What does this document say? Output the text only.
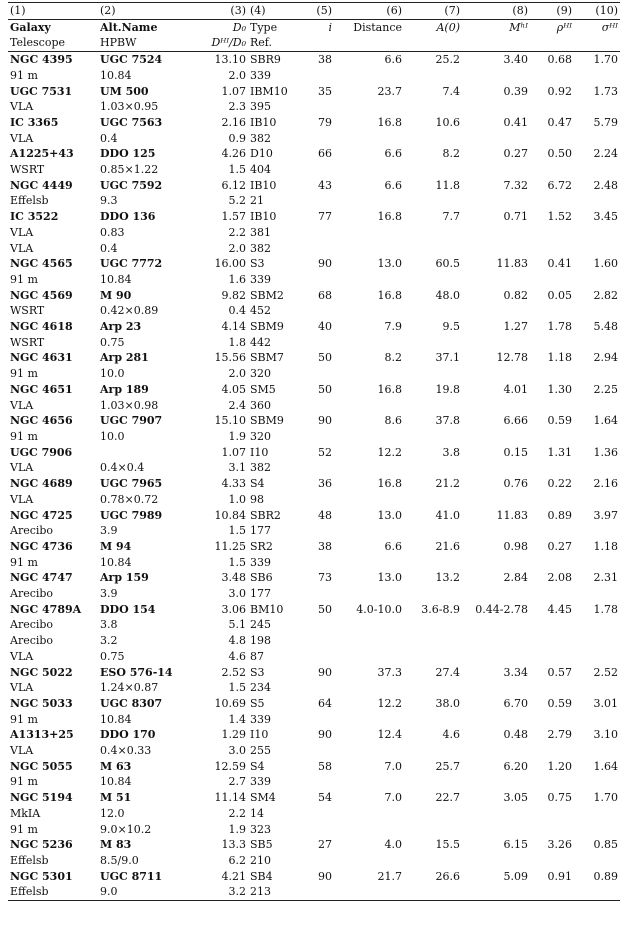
(1)	(2)	(3)	(4)	(5)	(6)	(7)	(8)	(9)	(10)
Galaxy	Alt.Name	D₀	Type	i	Distance	A(0)	Mʰᴵ	ρᴴᴵ	σᴴᴵ
Telescope	HPBW	Dᴴᴵ/D₀	Ref.						
NGC 4395	UGC 7524	13.10	SBR9	38	6.6	25.2	3.40	0.68	1.70
91 m	10.84	2.0	339						
UGC 7531	UM 500	1.07	IBM10	35	23.7	7.4	0.39	0.92	1.73
VLA	1.03×0.95	2.3	395						
IC 3365	UGC 7563	2.16	IB10	79	16.8	10.6	0.41	0.47	5.79
VLA	0.4	0.9	382						
A1225+43	DDO 125	4.26	D10	66	6.6	8.2	0.27	0.50	2.24
WSRT	0.85×1.22	1.5	404						
NGC 4449	UGC 7592	6.12	IB10	43	6.6	11.8	7.32	6.72	2.48
Effelsb	9.3	5.2	21						
IC 3522	DDO 136	1.57	IB10	77	16.8	7.7	0.71	1.52	3.45
VLA	0.83	2.2	381						
VLA	0.4	2.0	382						
NGC 4565	UGC 7772	16.00	S3	90	13.0	60.5	11.83	0.41	1.60
91 m	10.84	1.6	339						
NGC 4569	M 90	9.82	SBM2	68	16.8	48.0	0.82	0.05	2.82
WSRT	0.42×0.89	0.4	452						
NGC 4618	Arp 23	4.14	SBM9	40	7.9	9.5	1.27	1.78	5.48
WSRT	0.75	1.8	442						
NGC 4631	Arp 281	15.56	SBM7	50	8.2	37.1	12.78	1.18	2.94
91 m	10.0	2.0	320						
NGC 4651	Arp 189	4.05	SM5	50	16.8	19.8	4.01	1.30	2.25
VLA	1.03×0.98	2.4	360						
NGC 4656	UGC 7907	15.10	SBM9	90	8.6	37.8	6.66	0.59	1.64
91 m	10.0	1.9	320						
UGC 7906		1.07	I10	52	12.2	3.8	0.15	1.31	1.36
VLA	0.4×0.4	3.1	382						
NGC 4689	UGC 7965	4.33	S4	36	16.8	21.2	0.76	0.22	2.16
VLA	0.78×0.72	1.0	98						
NGC 4725	UGC 7989	10.84	SBR2	48	13.0	41.0	11.83	0.89	3.97
Arecibo	3.9	1.5	177						
NGC 4736	M 94	11.25	SR2	38	6.6	21.6	0.98	0.27	1.18
91 m	10.84	1.5	339						
NGC 4747	Arp 159	3.48	SB6	73	13.0	13.2	2.84	2.08	2.31
Arecibo	3.9	3.0	177						
NGC 4789A	DDO 154	3.06	BM10	50	4.0-10.0	3.6-8.9	0.44-2.78	4.45	1.78
Arecibo	3.8	5.1	245						
Arecibo	3.2	4.8	198						
VLA	0.75	4.6	87						
NGC 5022	ESO 576-14	2.52	S3	90	37.3	27.4	3.34	0.57	2.52
VLA	1.24×0.87	1.5	234						
NGC 5033	UGC 8307	10.69	S5	64	12.2	38.0	6.70	0.59	3.01
91 m	10.84	1.4	339						
A1313+25	DDO 170	1.29	I10	90	12.4	4.6	0.48	2.79	3.10
VLA	0.4×0.33	3.0	255						
NGC 5055	M 63	12.59	S4	58	7.0	25.7	6.20	1.20	1.64
91 m	10.84	2.7	339						
NGC 5194	M 51	11.14	SM4	54	7.0	22.7	3.05	0.75	1.70
MkIA	12.0	2.2	14						
91 m	9.0×10.2	1.9	323						
NGC 5236	M 83	13.3	SB5	27	4.0	15.5	6.15	3.26	0.85
Effelsb	8.5/9.0	6.2	210						
NGC 5301	UGC 8711	4.21	SB4	90	21.7	26.6	5.09	0.91	0.89
Effelsb	9.0	3.2	213						
